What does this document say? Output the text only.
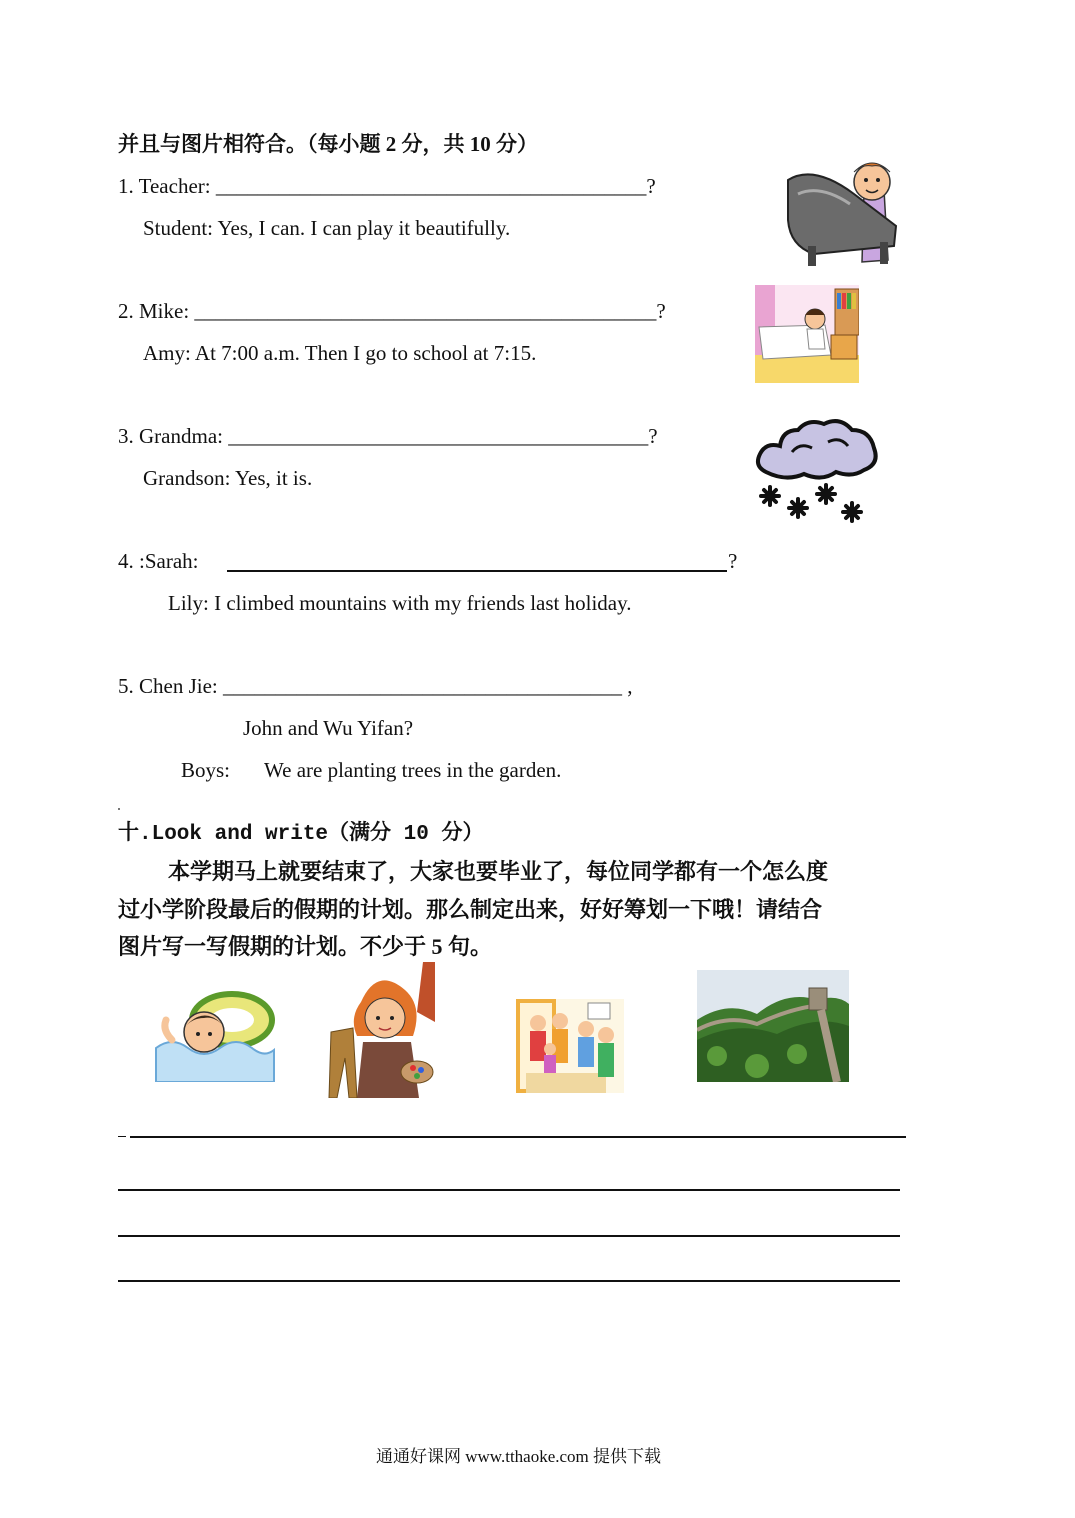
并且与图片相符合。（每小题 2 分，共 10 分）
1. Teacher: _________________________________________?
Student: Yes, I can. I can play it beautifully.
2. Mike: ____________________________________________?
Amy: At 7:00 a.m. Then I go to school at 7:15.
3. Grandma: ________________________________________?
Grandson: Yes, it is.
4. :Sarah:	?
Lily: I climbed mountains with my friends last holiday.
5. Chen Jie: ______________________________________ ,
John and Wu Yifan?
Boys: We are planting trees in the garden.
十.Look and write（满分 10 分）
本学期马上就要结束了，大家也要毕业了，每位同学都有一个怎么度
过小学阶段最后的假期的计划。那么制定出来，好好筹划一下哦！请结合
图片写一写假期的计划。不少于 5 句。
通通好课网 www.tthaoke.com 提供下载
